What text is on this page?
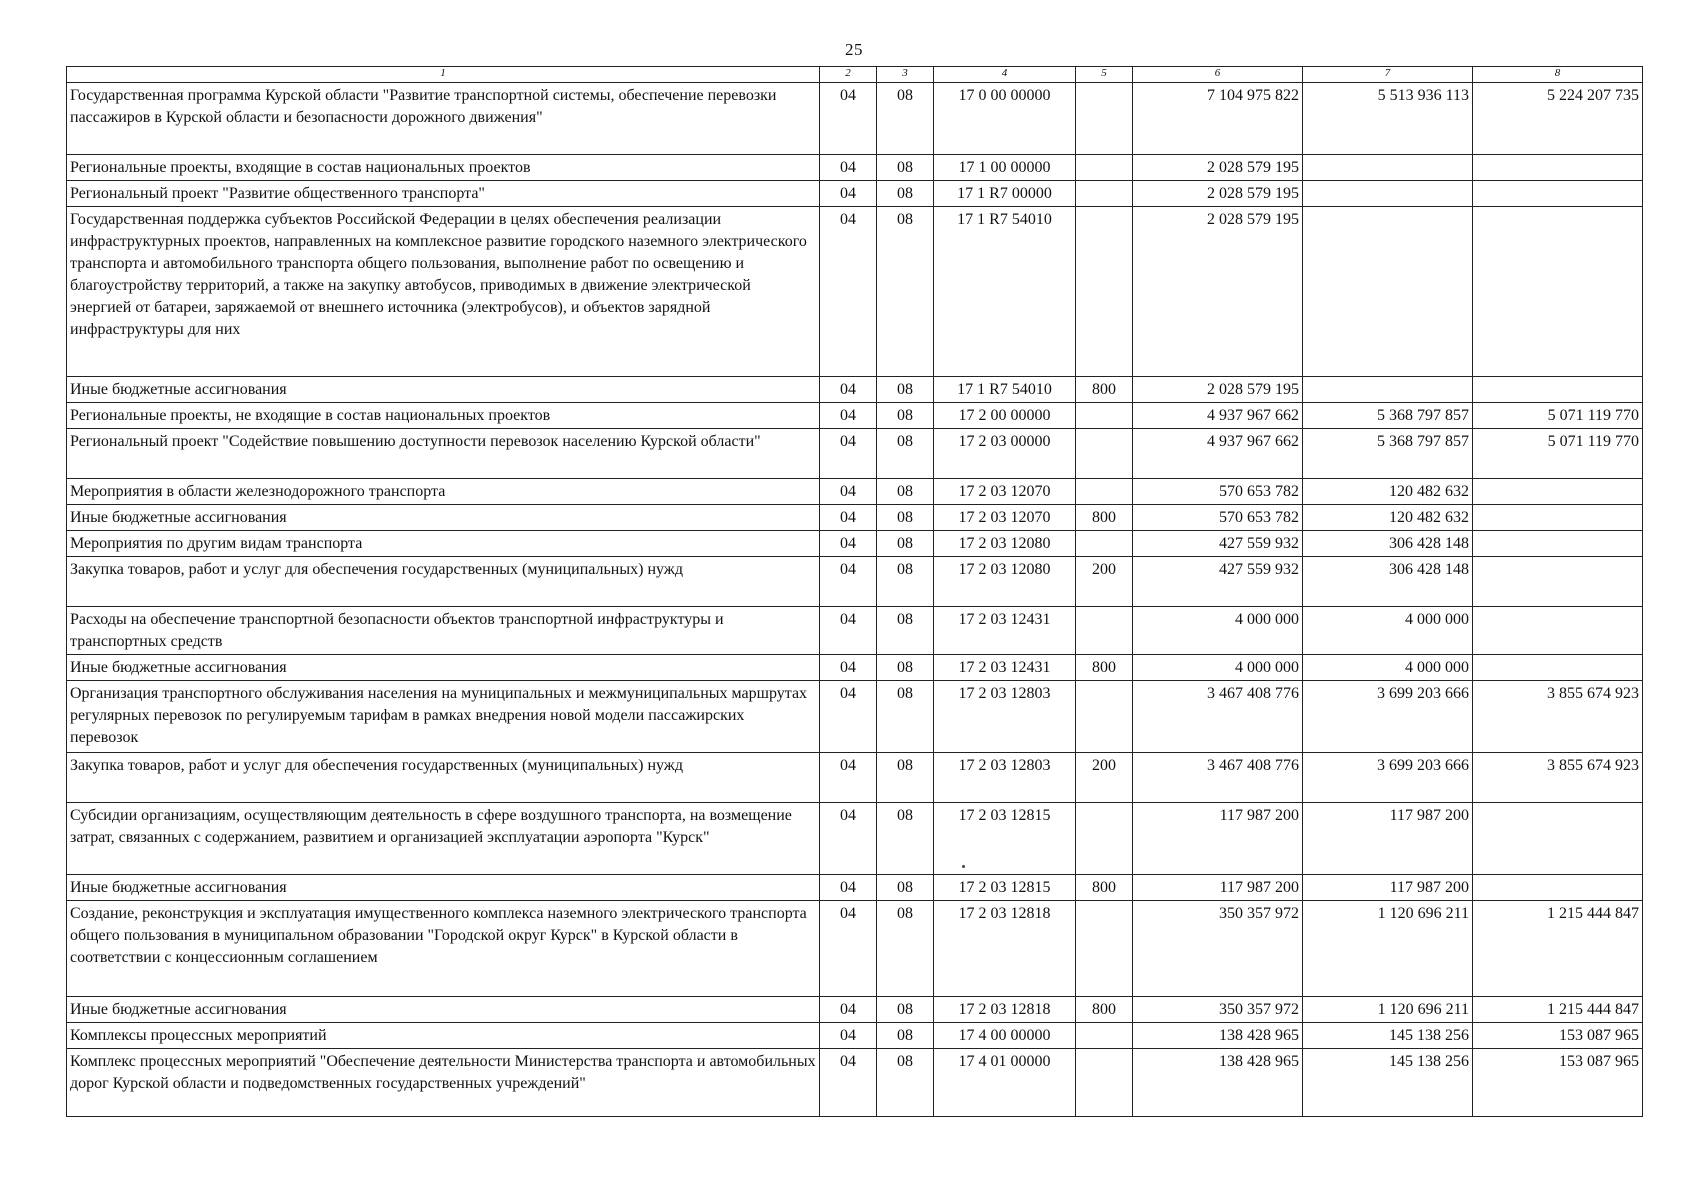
25
1	2	3	4	5	6	7	8
Государственная программа Курской области "Развитие транспортной системы, обеспечение перевозки пассажиров в Курской области и безопасности дорожного движения"	04	08	17 0 00 00000		7 104 975 822	5 513 936 113	5 224 207 735
Региональные проекты, входящие в состав национальных проектов	04	08	17 1 00 00000		2 028 579 195		
Региональный проект "Развитие общественного транспорта"	04	08	17 1 R7 00000		2 028 579 195		
Государственная поддержка субъектов Российской Федерации в целях обеспечения реализации инфраструктурных проектов, направленных на комплексное развитие городского наземного электрического транспорта и автомобильного транспорта общего пользования, выполнение работ по освещению и благоустройству территорий, а также на закупку автобусов, приводимых в движение электрической энергией от батареи, заряжаемой от внешнего источника (электробусов), и объектов зарядной инфраструктуры для них	04	08	17 1 R7 54010		2 028 579 195		
Иные бюджетные ассигнования	04	08	17 1 R7 54010	800	2 028 579 195		
Региональные проекты, не входящие в состав национальных проектов	04	08	17 2 00 00000		4 937 967 662	5 368 797 857	5 071 119 770
Региональный проект "Содействие повышению доступности перевозок населению Курской области"	04	08	17 2 03 00000		4 937 967 662	5 368 797 857	5 071 119 770
Мероприятия в области железнодорожного транспорта	04	08	17 2 03 12070		570 653 782	120 482 632	
Иные бюджетные ассигнования	04	08	17 2 03 12070	800	570 653 782	120 482 632	
Мероприятия по другим видам транспорта	04	08	17 2 03 12080		427 559 932	306 428 148	
Закупка товаров, работ и услуг для обеспечения государственных (муниципальных) нужд	04	08	17 2 03 12080	200	427 559 932	306 428 148	
Расходы на обеспечение транспортной безопасности объектов транспортной инфраструктуры и транспортных средств	04	08	17 2 03 12431		4 000 000	4 000 000	
Иные бюджетные ассигнования	04	08	17 2 03 12431	800	4 000 000	4 000 000	
Организация транспортного обслуживания населения на муниципальных и межмуниципальных маршрутах регулярных перевозок по регулируемым тарифам в рамках внедрения новой модели пассажирских перевозок	04	08	17 2 03 12803		3 467 408 776	3 699 203 666	3 855 674 923
Закупка товаров, работ и услуг для обеспечения государственных (муниципальных) нужд	04	08	17 2 03 12803	200	3 467 408 776	3 699 203 666	3 855 674 923
Субсидии организациям, осуществляющим деятельность в сфере воздушного транспорта, на возмещение затрат, связанных с содержанием, развитием и организацией эксплуатации аэропорта "Курск"	04	08	17 2 03 12815		117 987 200	117 987 200	
Иные бюджетные ассигнования	04	08	17 2 03 12815	800	117 987 200	117 987 200	
Создание, реконструкция и эксплуатация имущественного комплекса наземного электрического транспорта общего пользования в муниципальном образовании "Городской округ Курск" в Курской области в соответствии с концессионным соглашением	04	08	17 2 03 12818		350 357 972	1 120 696 211	1 215 444 847
Иные бюджетные ассигнования	04	08	17 2 03 12818	800	350 357 972	1 120 696 211	1 215 444 847
Комплексы процессных мероприятий	04	08	17 4 00 00000		138 428 965	145 138 256	153 087 965
Комплекс процессных мероприятий "Обеспечение деятельности Министерства транспорта и автомобильных дорог Курской области и подведомственных государственных учреждений"	04	08	17 4 01 00000		138 428 965	145 138 256	153 087 965
